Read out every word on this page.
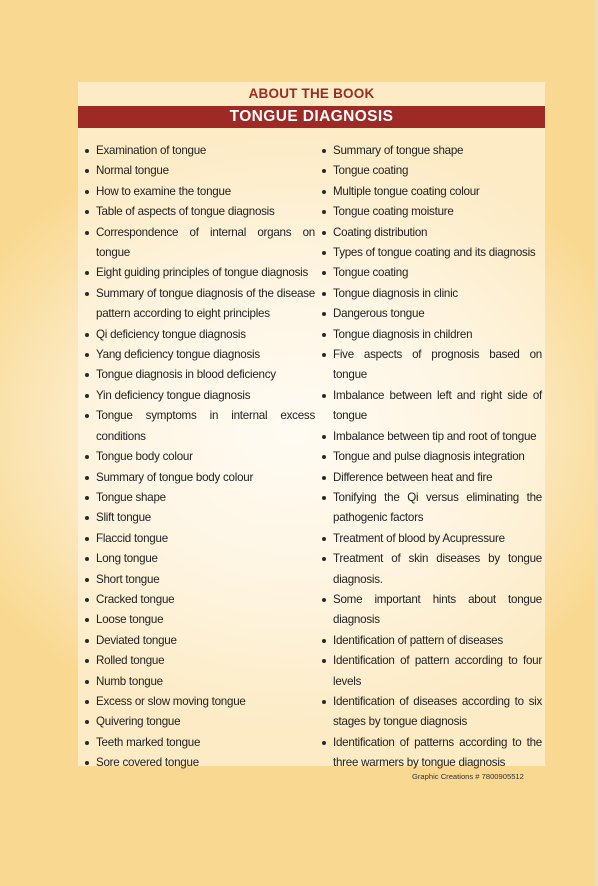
ABOUT THE BOOK
TONGUE DIAGNOSIS
Examination of tongue
Normal tongue
How to examine the tongue
Table of aspects of tongue diagnosis
Correspondence of internal organs on tongue
Eight guiding principles of tongue diagnosis
Summary of tongue diagnosis of the disease pattern according to eight principles
Qi deficiency tongue diagnosis
Yang deficiency tongue diagnosis
Tongue diagnosis in blood deficiency
Yin deficiency tongue diagnosis
Tongue symptoms in internal excess conditions
Tongue body colour
Summary of tongue body colour
Tongue shape
Slift tongue
Flaccid tongue
Long tongue
Short tongue
Cracked tongue
Loose tongue
Deviated tongue
Rolled tongue
Numb tongue
Excess or slow moving tongue
Quivering tongue
Teeth marked tongue
Sore covered tongue
Summary of tongue shape
Tongue coating
Multiple tongue coating colour
Tongue coating moisture
Coating distribution
Types of tongue coating and its diagnosis
Tongue coating
Tongue diagnosis in clinic
Dangerous tongue
Tongue diagnosis in children
Five aspects of prognosis based on tongue
Imbalance between left and right side of tongue
Imbalance between tip and root of tongue
Tongue and pulse diagnosis integration
Difference between heat and fire
Tonifying the Qi versus eliminating the pathogenic factors
Treatment of blood by Acupressure
Treatment of skin diseases by tongue diagnosis.
Some important hints about tongue diagnosis
Identification of pattern of diseases
Identification of pattern according to four levels
Identification of diseases according to six stages by tongue diagnosis
Identification of patterns according to the three warmers by tongue diagnosis
Graphic Creations # 7800905512
